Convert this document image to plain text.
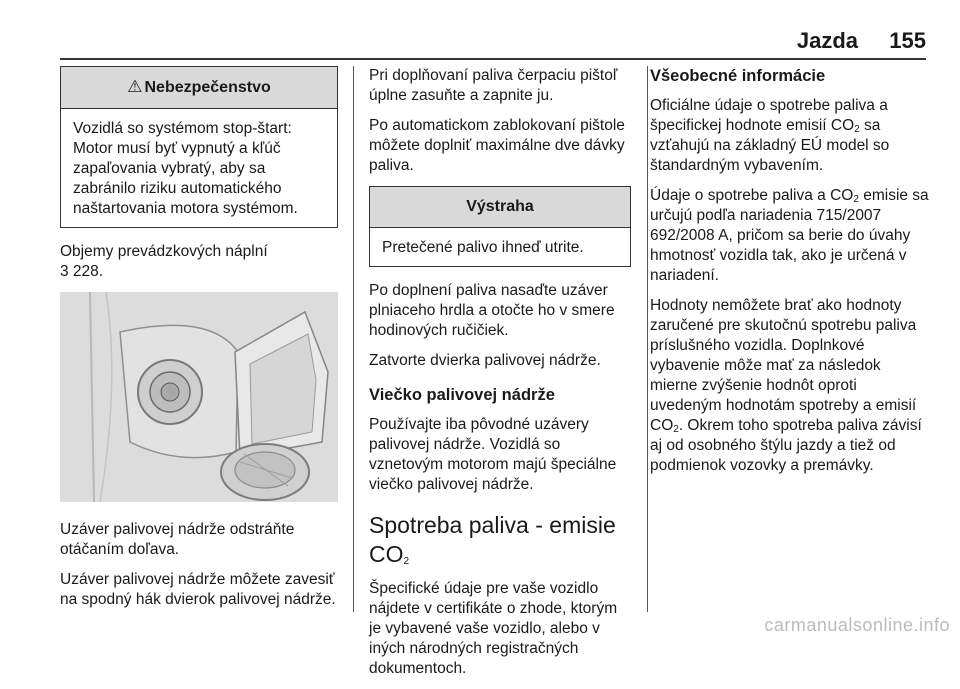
Jazda 155
⚠ Nebezpečenstvo

Vozidlá so systémom stop-štart: Motor musí byť vypnutý a kľúč zapaľovania vybratý, aby sa zabránilo riziku automatického naštartovania motora systémom.

Objemy prevádzkových náplní
3 228.

Uzáver palivovej nádrže odstráňte otáčaním doľava.

Uzáver palivovej nádrže môžete zavesiť na spodný hák dvierok palivovej nádrže.

Pri doplňovaní paliva čerpaciu pištoľ úplne zasuňte a zapnite ju.

Po automatickom zablokovaní pištole môžete doplniť maximálne dve dávky paliva.

Výstraha

Pretečené palivo ihneď utrite.

Po doplnení paliva nasaďte uzáver plniaceho hrdla a otočte ho v smere hodinových ručičiek.

Zatvorte dvierka palivovej nádrže.

Viečko palivovej nádrže

Používajte iba pôvodné uzávery palivovej nádrže. Vozidlá so vznetovým motorom majú špeciálne viečko palivovej nádrže.

Spotreba paliva - emisie $CO_2$

Špecifické údaje pre vaše vozidlo nájdete v certifikáte o zhode, ktorým je vybavené vaše vozidlo, alebo v iných národných registračných dokumentoch.

Všeobecné informácie

Oficiálne údaje o spotrebe paliva a špecifickej hodnote emisií $CO_2$ sa vzťahujú na základný EÚ model so štandardným vybavením.

Údaje o spotrebe paliva a $CO_2$ emisie sa určujú podľa nariadenia 715/2007 692/2008 A, pričom sa berie do úvahy hmotnosť vozidla tak, ako je určená v nariadení.

Hodnoty nemôžete brať ako hodnoty zaručené pre skutočnú spotrebu paliva príslušného vozidla. Doplnkové vybavenie môže mať za následok mierne zvýšenie hodnôt oproti uvedeným hodnotám spotreby a emisií $CO_2$. Okrem toho spotreba paliva závisí aj od osobného štýlu jazdy a tiež od podmienok vozovky a premávky.

carmanualsonline.info
